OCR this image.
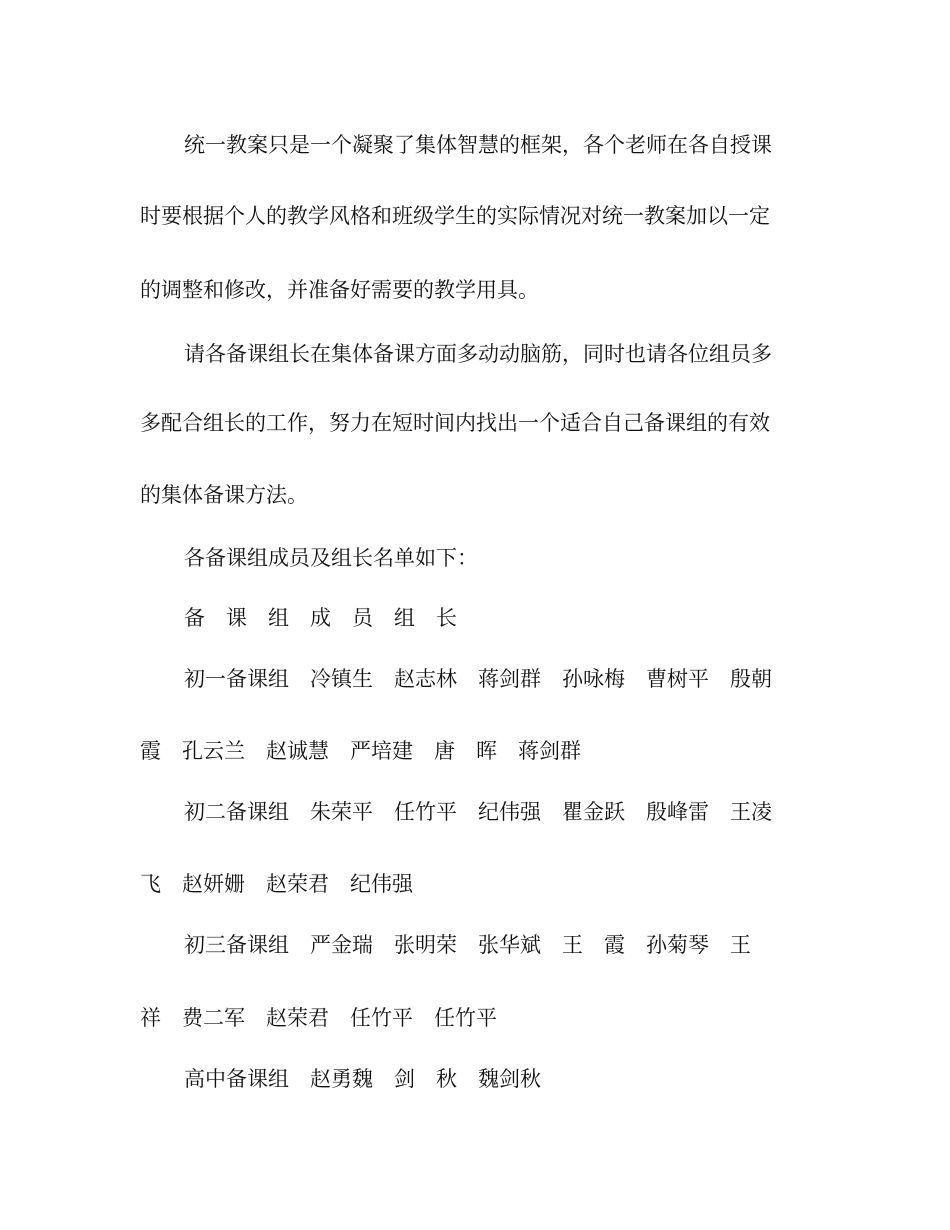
统一教案只是一个凝聚了集体智慧的框架，各个老师在各自授课

时要根据个人的教学风格和班级学生的实际情况对统一教案加以一定

的调整和修改，并准备好需要的教学用具。

请各备课组长在集体备课方面多动动脑筋，同时也请各位组员多

多配合组长的工作，努力在短时间内找出一个适合自己备课组的有效

的集体备课方法。

各备课组成员及组长名单如下：

备　课　组　成　员　组　长

初一备课组　冷镇生　赵志林　蒋剑群　孙咏梅　曹树平　殷朝

霞　孔云兰　赵诚慧　严培建　唐　晖　蒋剑群

初二备课组　朱荣平　任竹平　纪伟强　瞿金跃　殷峰雷　王凌

飞　赵妍姗　赵荣君　纪伟强

初三备课组　严金瑞　张明荣　张华斌　王　霞　孙菊琴　王

祥　费二军　赵荣君　任竹平　任竹平

高中备课组　赵勇魏　剑　秋　魏剑秋
